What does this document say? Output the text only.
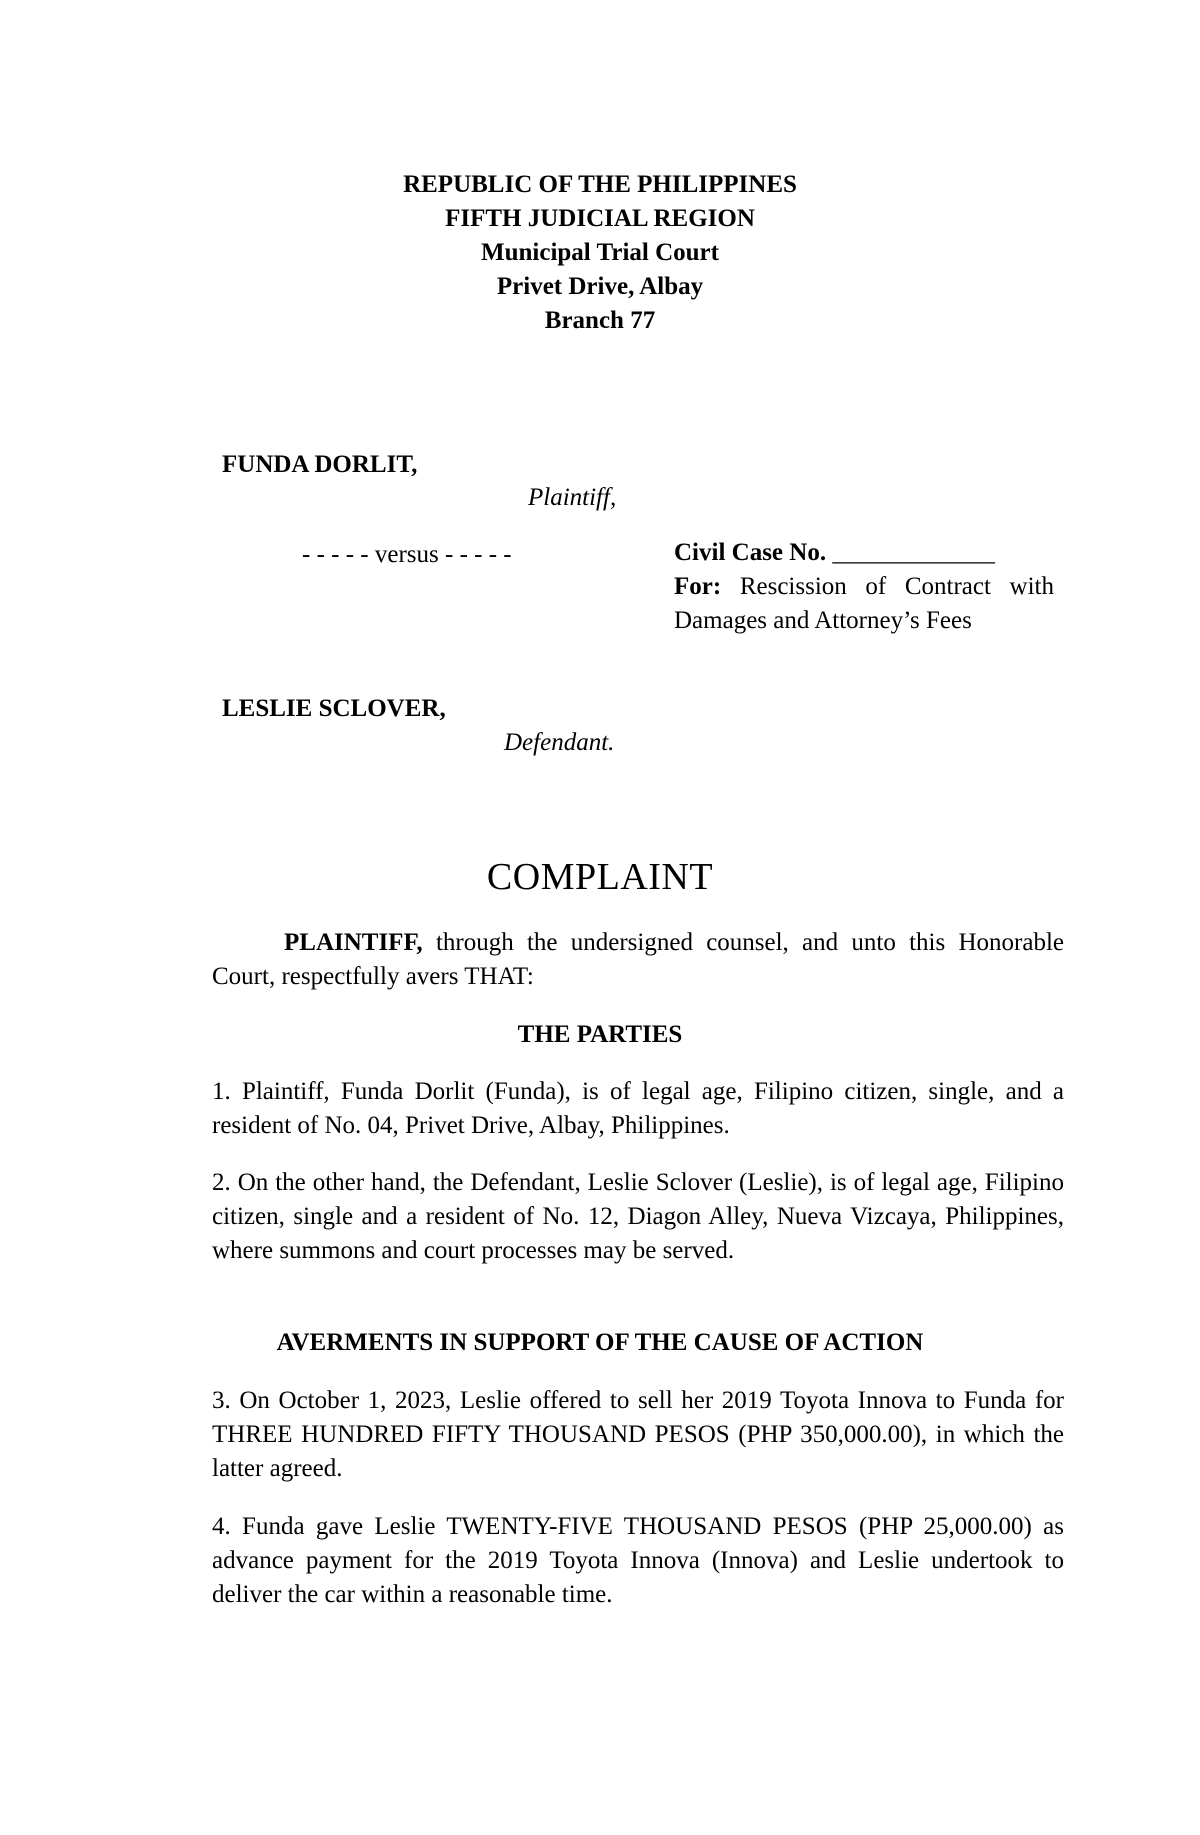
REPUBLIC OF THE PHILIPPINES
FIFTH JUDICIAL REGION
Municipal Trial Court
Privet Drive, Albay
Branch 77
FUNDA DORLIT,
Plaintiff,
- - - - - versus - - - - -	Civil Case No. _____________
For: Rescission of Contract with Damages and Attorney’s Fees
LESLIE SCLOVER,
Defendant.
COMPLAINT
PLAINTIFF, through the undersigned counsel, and unto this Honorable Court, respectfully avers THAT:
THE PARTIES
1. Plaintiff, Funda Dorlit (Funda), is of legal age, Filipino citizen, single, and a resident of No. 04, Privet Drive, Albay, Philippines.
2. On the other hand, the Defendant, Leslie Sclover (Leslie), is of legal age, Filipino citizen, single and a resident of No. 12, Diagon Alley, Nueva Vizcaya, Philippines, where summons and court processes may be served.
AVERMENTS IN SUPPORT OF THE CAUSE OF ACTION
3. On October 1, 2023, Leslie offered to sell her 2019 Toyota Innova to Funda for THREE HUNDRED FIFTY THOUSAND PESOS (PHP 350,000.00), in which the latter agreed.
4. Funda gave Leslie TWENTY-FIVE THOUSAND PESOS (PHP 25,000.00) as advance payment for the 2019 Toyota Innova (Innova) and Leslie undertook to deliver the car within a reasonable time.
